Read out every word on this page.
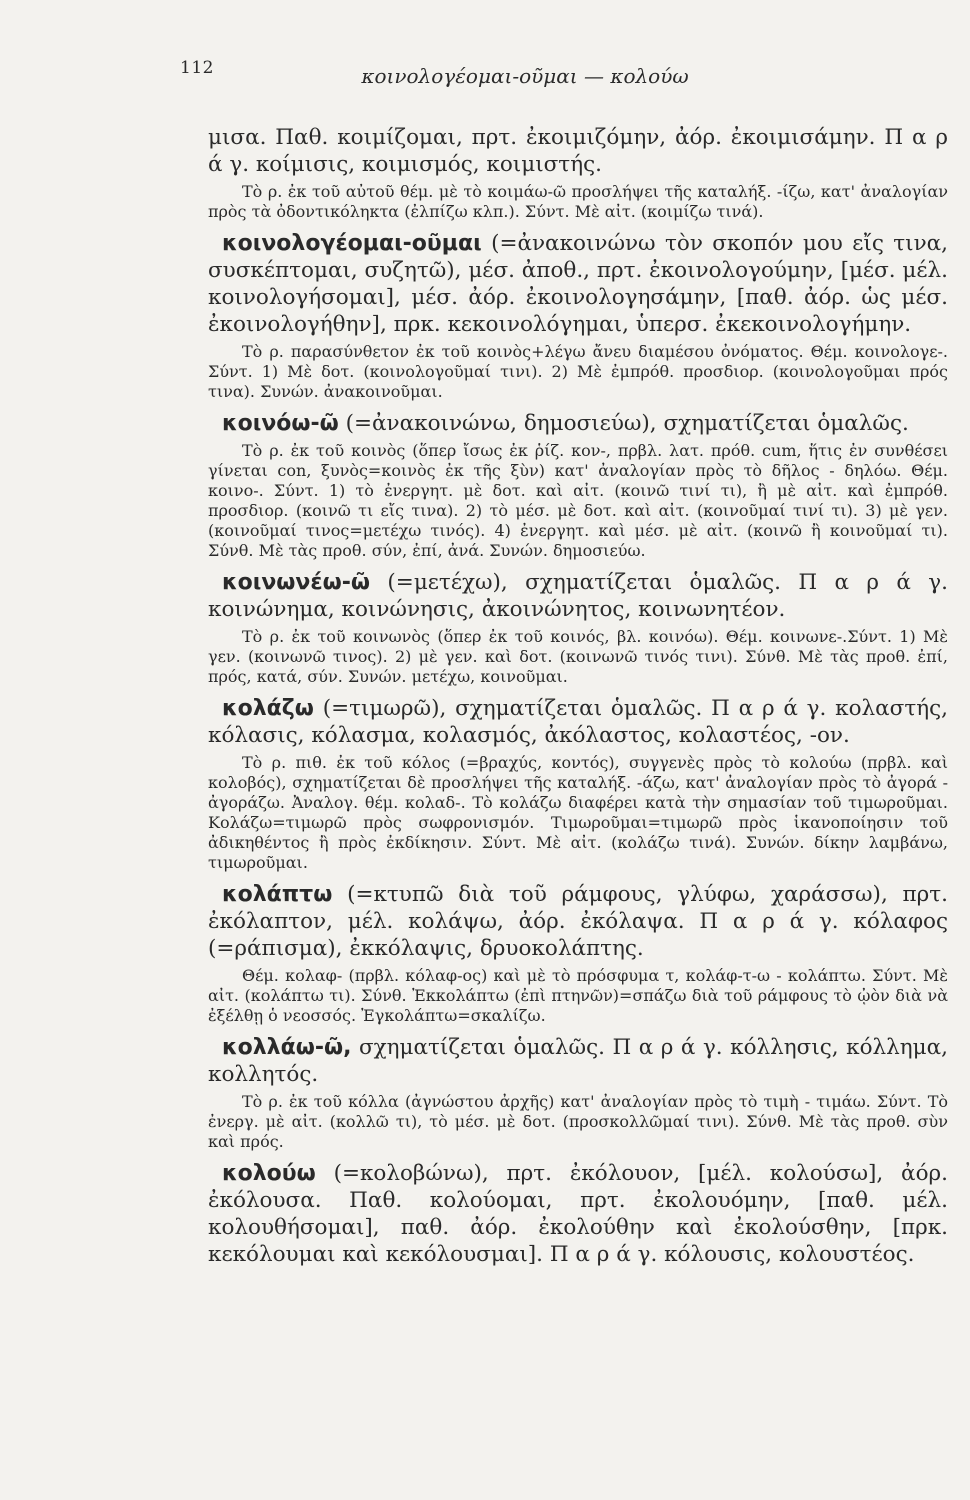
112	κοινολογέομαι-οῦμαι — κολούω

μισα. Παθ. κοιμίζομαι, πρτ. ἐκοιμιζόμην, ἀόρ. ἐκοιμισάμην. Π α ρ ά γ. κοίμισις, κοιμισμός, κοιμιστής.

Τὸ ρ. ἐκ τοῦ αὐτοῦ θέμ. μὲ τὸ κοιμάω-ῶ προσλήψει τῆς καταλήξ. -ίζω, κατ' ἀναλογίαν πρὸς τὰ ὀδοντικόληκτα (ἐλπίζω κλπ.). Σύντ. Μὲ αἰτ. (κοιμίζω τινά).

κοινολογέομαι-οῦμαι (=ἀνακοινώνω τὸν σκοπόν μου εἴς τινα, συσκέπτομαι, συζητῶ), μέσ. ἀποθ., πρτ. ἐκοινολογούμην, [μέσ. μέλ. κοινολογήσομαι], μέσ. ἀόρ. ἐκοινολογησάμην, [παθ. ἀόρ. ὡς μέσ. ἐκοινολογήθην], πρκ. κεκοινολόγημαι, ὑπερσ. ἐκεκοινολογήμην.

Τὸ ρ. παρασύνθετον ἐκ τοῦ κοινὸς+λέγω ἄνευ διαμέσου ὀνόματος. Θέμ. κοινολογε-. Σύντ. 1) Μὲ δοτ. (κοινολογοῦμαί τινι). 2) Μὲ ἐμπρόθ. προσδιορ. (κοινολογοῦμαι πρός τινα). Συνών. ἀνακοινοῦμαι.

κοινόω-ῶ (=ἀνακοινώνω, δημοσιεύω), σχηματίζεται ὁμαλῶς.

Τὸ ρ. ἐκ τοῦ κοινὸς (ὅπερ ἴσως ἐκ ῥίζ. κον-, πρβλ. λατ. πρόθ. cum, ἥτις ἐν συνθέσει γίνεται con, ξυνὸς=κοινὸς ἐκ τῆς ξὺν) κατ' ἀναλογίαν πρὸς τὸ δῆλος - δηλόω. Θέμ. κοινο-. Σύντ. 1) τὸ ἐνεργητ. μὲ δοτ. καὶ αἰτ. (κοινῶ τινί τι), ἢ μὲ αἰτ. καὶ ἐμπρόθ. προσδιορ. (κοινῶ τι εἴς τινα). 2) τὸ μέσ. μὲ δοτ. καὶ αἰτ. (κοινοῦμαί τινί τι). 3) μὲ γεν. (κοινοῦμαί τινος=μετέχω τινός). 4) ἐνεργητ. καὶ μέσ. μὲ αἰτ. (κοινῶ ἢ κοινοῦμαί τι). Σύνθ. Μὲ τὰς προθ. σύν, ἐπί, ἀνά. Συνών. δημοσιεύω.

κοινωνέω-ῶ (=μετέχω), σχηματίζεται ὁμαλῶς. Π α ρ ά γ. κοινώνημα, κοινώνησις, ἀκοινώνητος, κοινωνητέον.

Τὸ ρ. ἐκ τοῦ κοινωνὸς (ὅπερ ἐκ τοῦ κοινός, βλ. κοινόω). Θέμ. κοινωνε-.Σύντ. 1) Μὲ γεν. (κοινωνῶ τινος). 2) μὲ γεν. καὶ δοτ. (κοινωνῶ τινός τινι). Σύνθ. Μὲ τὰς προθ. ἐπί, πρός, κατά, σύν. Συνών. μετέχω, κοινοῦμαι.

κολάζω (=τιμωρῶ), σχηματίζεται ὁμαλῶς. Π α ρ ά γ. κολαστής, κόλασις, κόλασμα, κολασμός, ἀκόλαστος, κολαστέος, -ον.

Τὸ ρ. πιθ. ἐκ τοῦ κόλος (=βραχύς, κοντός), συγγενὲς πρὸς τὸ κολούω (πρβλ. καὶ κολοβός), σχηματίζεται δὲ προσλήψει τῆς καταλήξ. -άζω, κατ' ἀναλογίαν πρὸς τὸ ἀγορά - ἀγοράζω. Ἀναλογ. θέμ. κολαδ-. Τὸ κολάζω διαφέρει κατὰ τὴν σημασίαν τοῦ τιμωροῦμαι. Κολάζω=τιμωρῶ πρὸς σωφρονισμόν. Τιμωροῦμαι=τιμωρῶ πρὸς ἱκανοποίησιν τοῦ ἀδικηθέντος ἢ πρὸς ἐκδίκησιν. Σύντ. Μὲ αἰτ. (κολάζω τινά). Συνών. δίκην λαμβάνω, τιμωροῦμαι.

κολάπτω (=κτυπῶ διὰ τοῦ ράμφους, γλύφω, χαράσσω), πρτ. ἐκόλαπτον, μέλ. κολάψω, ἀόρ. ἐκόλαψα. Π α ρ ά γ. κόλαφος (=ράπισμα), ἐκκόλαψις, δρυοκολάπτης.

Θέμ. κολαφ- (πρβλ. κόλαφ-ος) καὶ μὲ τὸ πρόσφυμα τ, κολάφ-τ-ω - κολάπτω. Σύντ. Μὲ αἰτ. (κολάπτω τι). Σύνθ. Ἐκκολάπτω (ἐπὶ πτηνῶν)=σπάζω διὰ τοῦ ράμφους τὸ ᾠὸν διὰ νὰ ἐξέλθῃ ὁ νεοσσός. Ἐγκολάπτω=σκαλίζω.

κολλάω-ῶ, σχηματίζεται ὁμαλῶς. Π α ρ ά γ. κόλλησις, κόλλημα, κολλητός.

Τὸ ρ. ἐκ τοῦ κόλλα (ἀγνώστου ἀρχῆς) κατ' ἀναλογίαν πρὸς τὸ τιμὴ - τιμάω. Σύντ. Τὸ ἐνεργ. μὲ αἰτ. (κολλῶ τι), τὸ μέσ. μὲ δοτ. (προσκολλῶμαί τινι). Σύνθ. Μὲ τὰς προθ. σὺν καὶ πρός.

κολούω (=κολοβώνω), πρτ. ἐκόλουον, [μέλ. κολούσω], ἀόρ. ἐκόλουσα. Παθ. κολούομαι, πρτ. ἐκολουόμην, [παθ. μέλ. κολουθήσομαι], παθ. ἀόρ. ἐκολούθην καὶ ἐκολούσθην, [πρκ. κεκόλουμαι καὶ κεκόλουσμαι]. Π α ρ ά γ. κόλουσις, κολουστέος.
